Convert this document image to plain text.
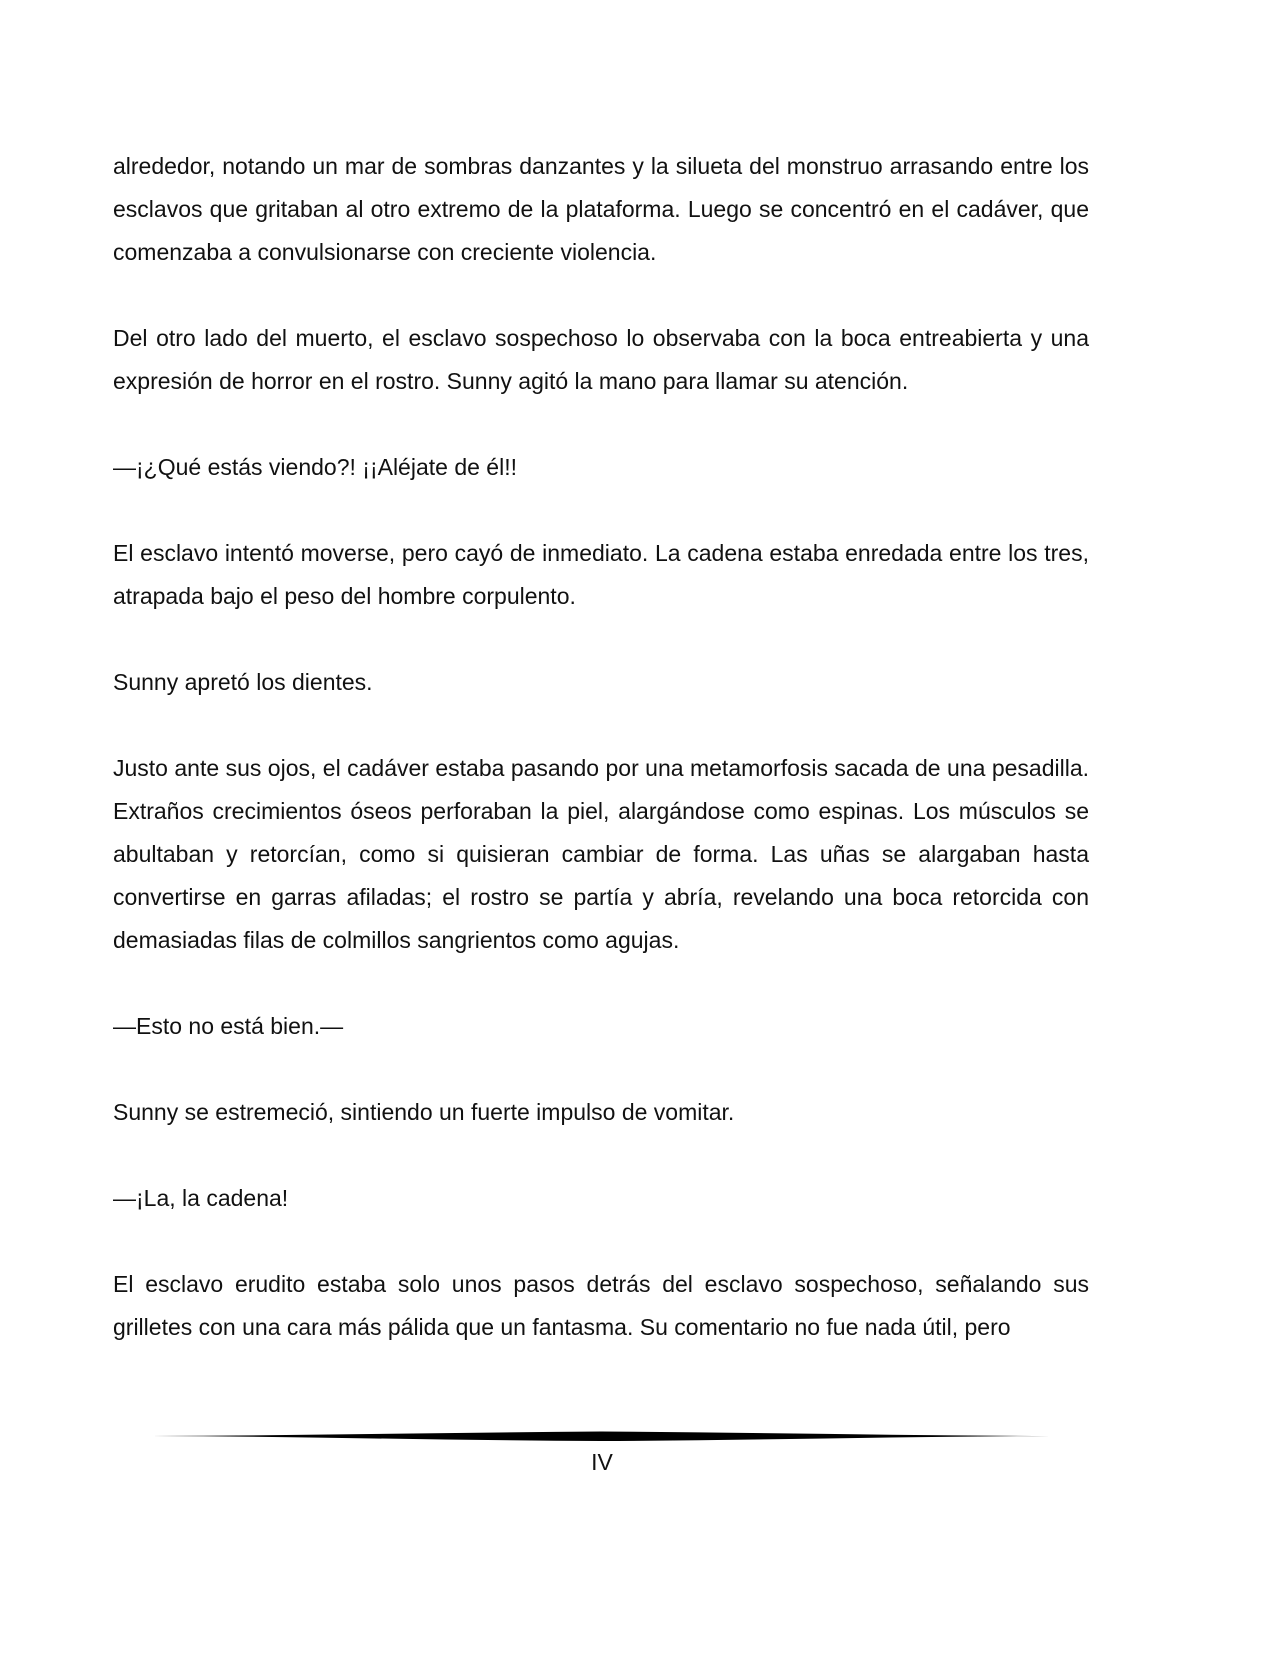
alrededor, notando un mar de sombras danzantes y la silueta del monstruo arrasando entre los esclavos que gritaban al otro extremo de la plataforma. Luego se concentró en el cadáver, que comenzaba a convulsionarse con creciente violencia.

Del otro lado del muerto, el esclavo sospechoso lo observaba con la boca entreabierta y una expresión de horror en el rostro. Sunny agitó la mano para llamar su atención.

—¡¿Qué estás viendo?! ¡¡Aléjate de él!!

El esclavo intentó moverse, pero cayó de inmediato. La cadena estaba enredada entre los tres, atrapada bajo el peso del hombre corpulento.

Sunny apretó los dientes.

Justo ante sus ojos, el cadáver estaba pasando por una metamorfosis sacada de una pesadilla. Extraños crecimientos óseos perforaban la piel, alargándose como espinas. Los músculos se abultaban y retorcían, como si quisieran cambiar de forma. Las uñas se alargaban hasta convertirse en garras afiladas; el rostro se partía y abría, revelando una boca retorcida con demasiadas filas de colmillos sangrientos como agujas.

—Esto no está bien.—

Sunny se estremeció, sintiendo un fuerte impulso de vomitar.

—¡La, la cadena!

El esclavo erudito estaba solo unos pasos detrás del esclavo sospechoso, señalando sus grilletes con una cara más pálida que un fantasma. Su comentario no fue nada útil, pero

IV
